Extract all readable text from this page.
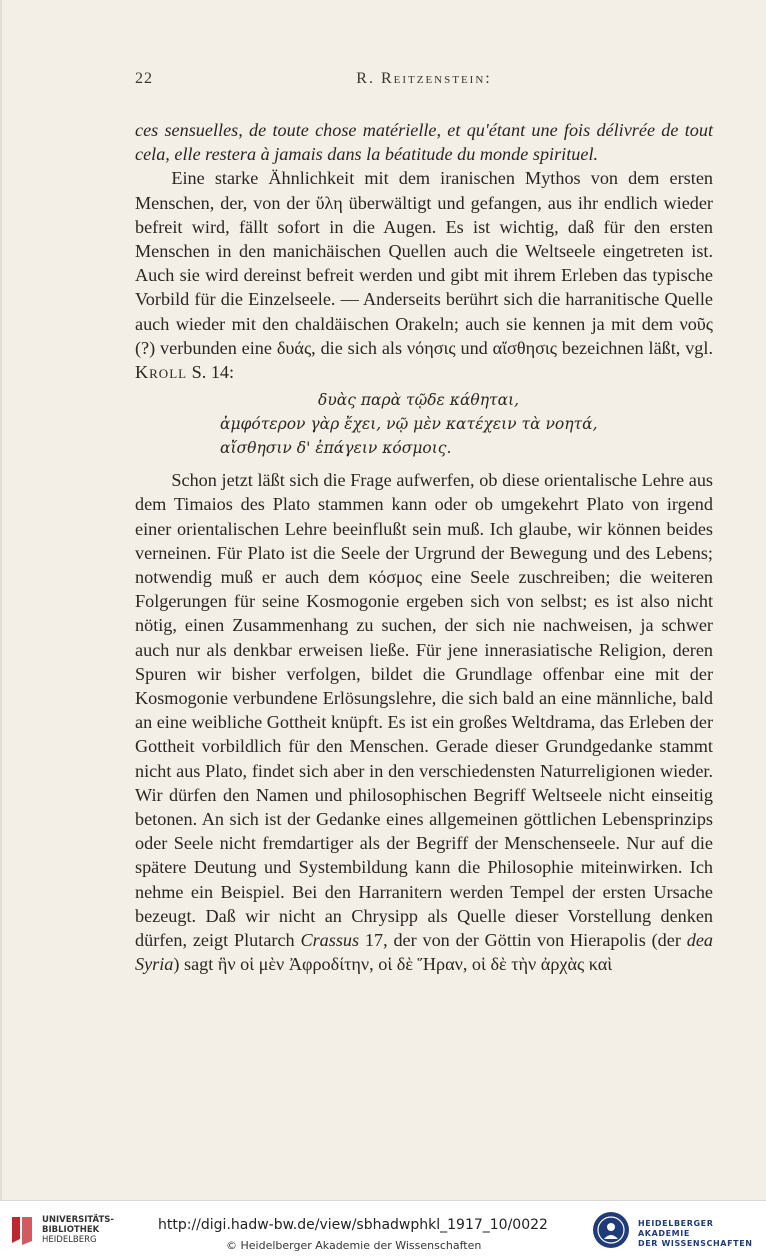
22	R. Reitzenstein:

ces sensuelles, de toute chose matérielle, et qu'étant une fois délivrée de tout cela, elle restera à jamais dans la béatitude du monde spirituel.

Eine starke Ähnlichkeit mit dem iranischen Mythos von dem ersten Menschen, der, von der ὕλη überwältigt und gefangen, aus ihr endlich wieder befreit wird, fällt sofort in die Augen. Es ist wichtig, daß für den ersten Menschen in den manichäischen Quellen auch die Weltseele eingetreten ist. Auch sie wird dereinst befreit werden und gibt mit ihrem Erleben das typische Vorbild für die Einzelseele. — Anderseits berührt sich die harranitische Quelle auch wieder mit den chaldäischen Orakeln; auch sie kennen ja mit dem νοῦς (?) verbunden eine δυάς, die sich als νόησις und αἴσθησις bezeichnen läßt, vgl. Kroll S. 14:

δυὰς παρὰ τῷδε κάθηται,
ἀμφότερον γὰρ ἔχει, νῷ μὲν κατέχειν τὰ νοητά,
αἴσθησιν δ' ἐπάγειν κόσμοις.

Schon jetzt läßt sich die Frage aufwerfen, ob diese orientalische Lehre aus dem Timaios des Plato stammen kann oder ob umgekehrt Plato von irgend einer orientalischen Lehre beeinflußt sein muß. Ich glaube, wir können beides verneinen. Für Plato ist die Seele der Urgrund der Bewegung und des Lebens; notwendig muß er auch dem κόσμος eine Seele zuschreiben; die weiteren Folgerungen für seine Kosmogonie ergeben sich von selbst; es ist also nicht nötig, einen Zusammenhang zu suchen, der sich nie nachweisen, ja schwer auch nur als denkbar erweisen ließe. Für jene innerasiatische Religion, deren Spuren wir bisher verfolgen, bildet die Grundlage offenbar eine mit der Kosmogonie verbundene Erlösungslehre, die sich bald an eine männliche, bald an eine weibliche Gottheit knüpft. Es ist ein großes Weltdrama, das Erleben der Gottheit vorbildlich für den Menschen. Gerade dieser Grundgedanke stammt nicht aus Plato, findet sich aber in den verschiedensten Naturreligionen wieder. Wir dürfen den Namen und philosophischen Begriff Weltseele nicht einseitig betonen. An sich ist der Gedanke eines allgemeinen göttlichen Lebensprinzips oder Seele nicht fremdartiger als der Begriff der Menschenseele. Nur auf die spätere Deutung und Systembildung kann die Philosophie miteinwirken. Ich nehme ein Beispiel. Bei den Harranitern werden Tempel der ersten Ursache bezeugt. Daß wir nicht an Chrysipp als Quelle dieser Vorstellung denken dürfen, zeigt Plutarch Crassus 17, der von der Göttin von Hierapolis (der dea Syria) sagt ἣν οἱ μὲν Ἀφροδίτην, οἱ δὲ Ἥραν, οἱ δὲ τὴν ἀρχὰς καὶ

UNIVERSITÄTS-
BIBLIOTHEK
HEIDELBERG
http://digi.hadw-bw.de/view/sbhadwphkl_1917_10/0022
© Heidelberger Akademie der Wissenschaften
HEIDELBERGER AKADEMIE
DER WISSENSCHAFTEN
